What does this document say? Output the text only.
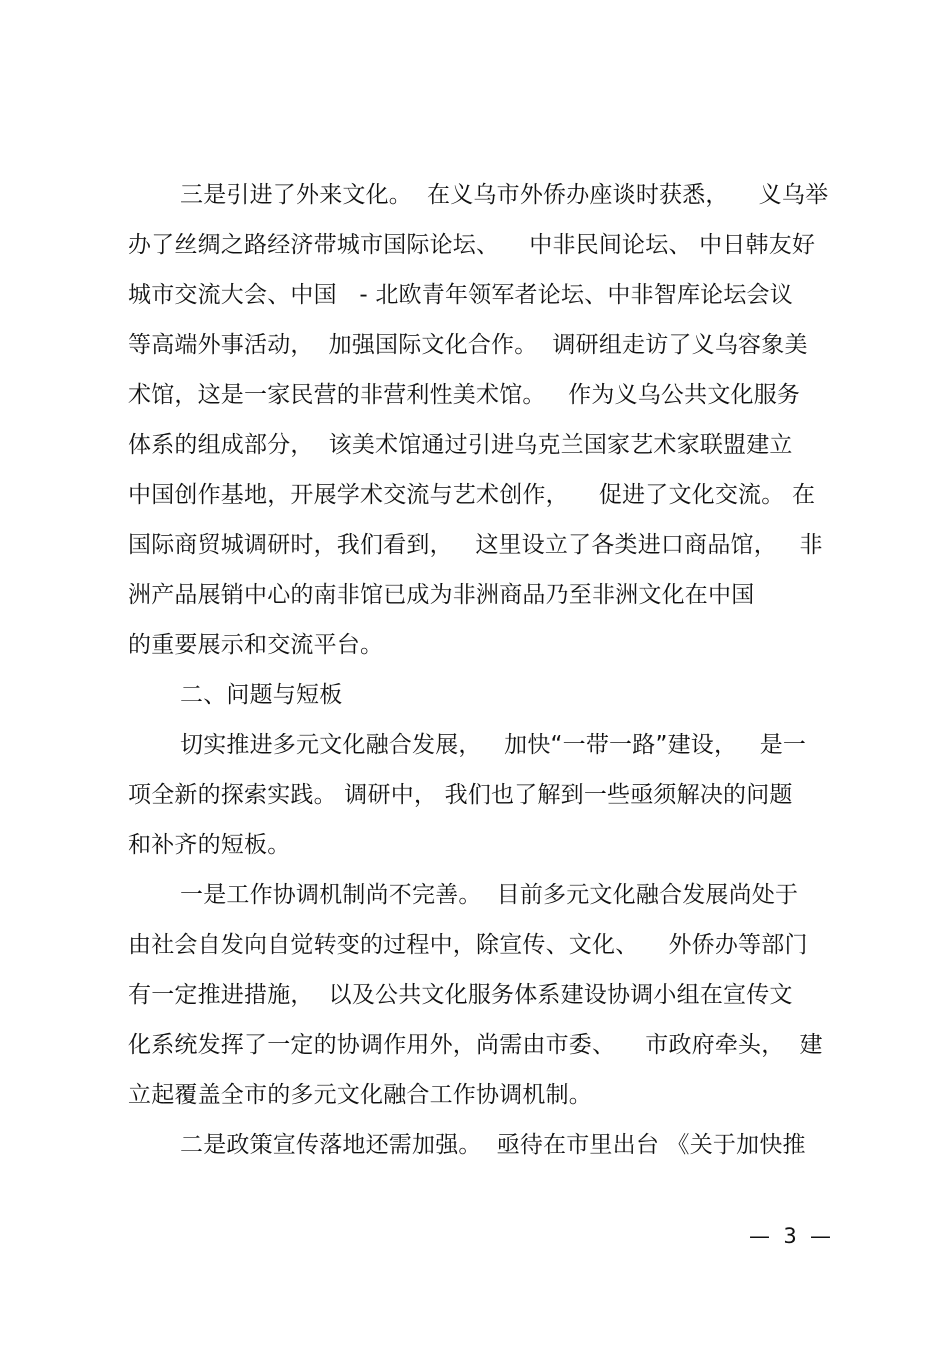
三是引进了外来文化。  在义乌市外侨办座谈时获悉，    义乌举
办了丝绸之路经济带城市国际论坛、    中非民间论坛、 中日韩友好
城市交流大会、中国   - 北欧青年领军者论坛、中非智库论坛会议
等高端外事活动，  加强国际文化合作。  调研组走访了义乌容象美
术馆，这是一家民营的非营利性美术馆。   作为义乌公共文化服务
体系的组成部分，  该美术馆通过引进乌克兰国家艺术家联盟建立
中国创作基地，开展学术交流与艺术创作，    促进了文化交流。 在
国际商贸城调研时，我们看到，   这里设立了各类进口商品馆，   非
洲产品展销中心的南非馆已成为非洲商品乃至非洲文化在中国
的重要展示和交流平台。
二、问题与短板
切实推进多元文化融合发展，   加快“一带一路”建设，   是一
项全新的探索实践。 调研中， 我们也了解到一些亟须解决的问题
和补齐的短板。
一是工作协调机制尚不完善。  目前多元文化融合发展尚处于
由社会自发向自觉转变的过程中，除宣传、文化、    外侨办等部门
有一定推进措施，  以及公共文化服务体系建设协调小组在宣传文
化系统发挥了一定的协调作用外，尚需由市委、    市政府牵头，  建
立起覆盖全市的多元文化融合工作协调机制。
二是政策宣传落地还需加强。  亟待在市里出台 《关于加快推
—  3  —
